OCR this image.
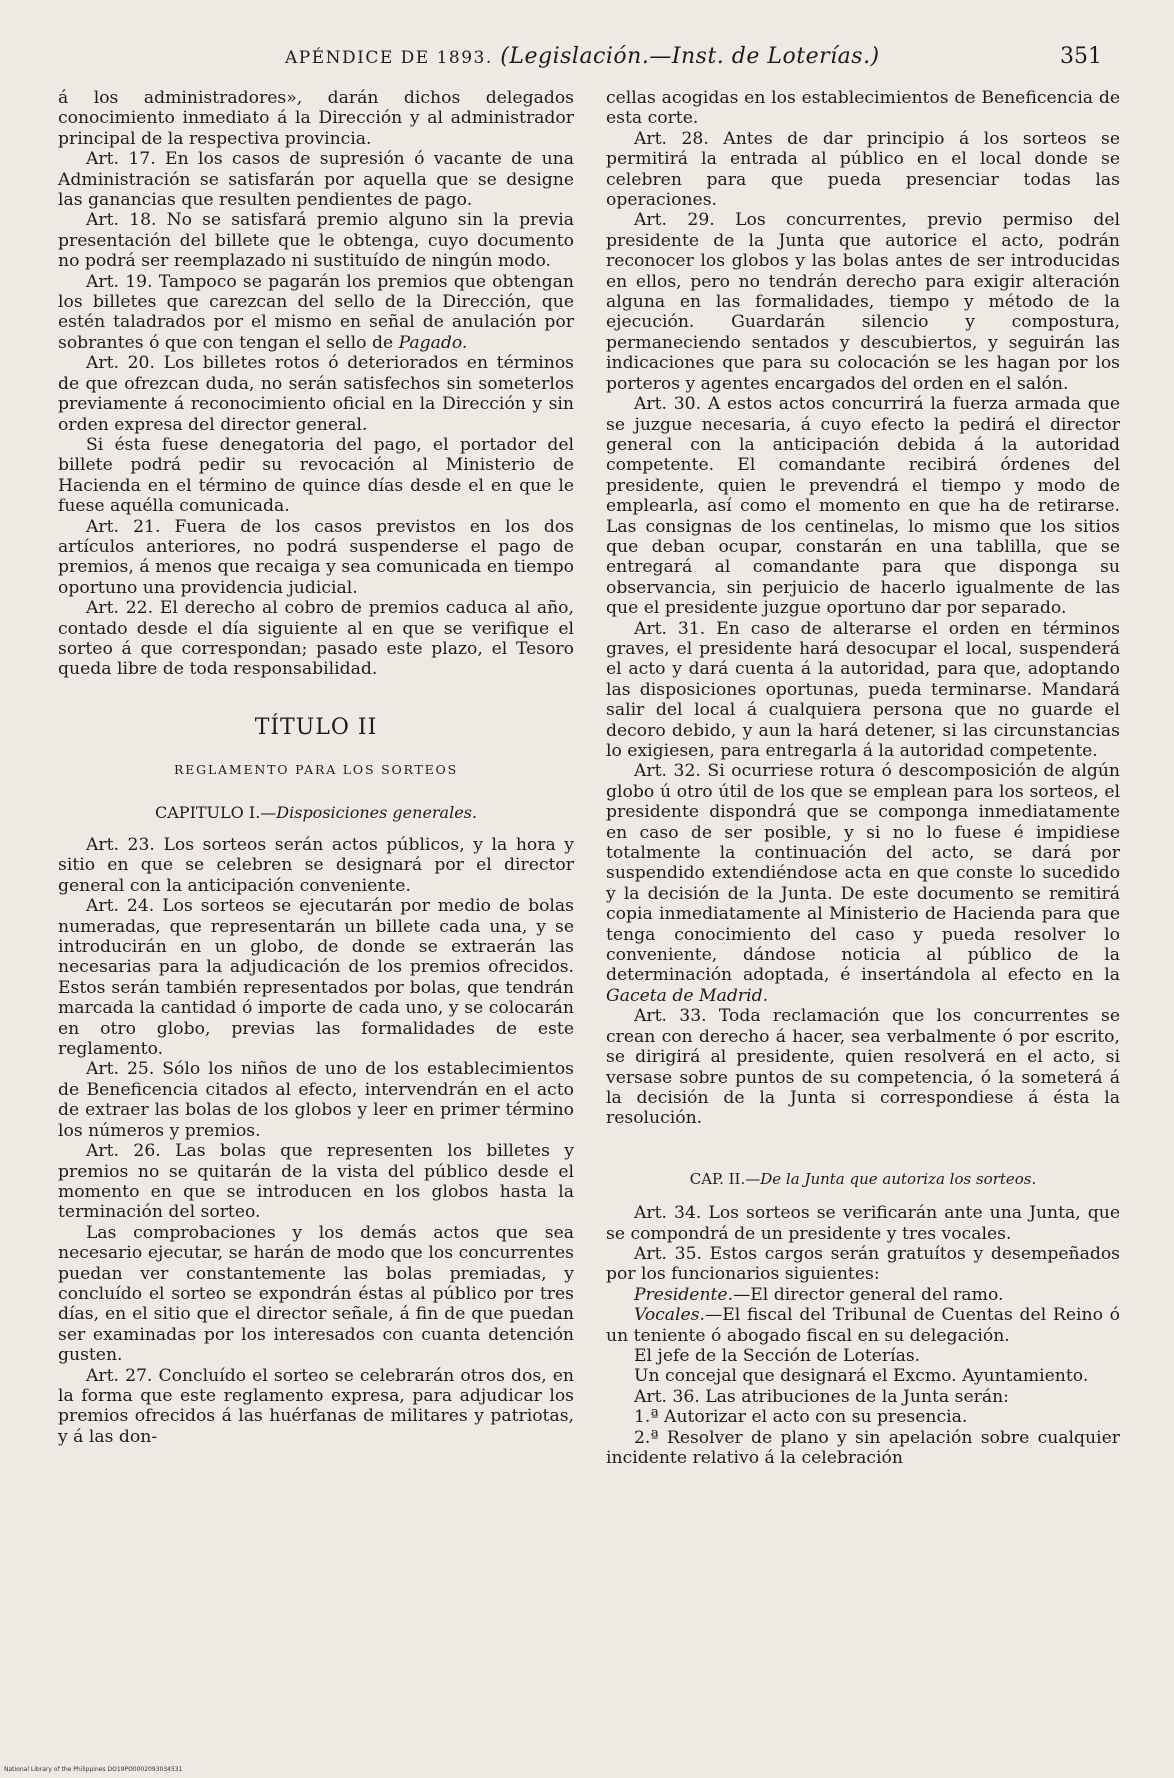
APÉNDICE DE 1893. (Legislación.—Inst. de Loterías.)	351

á los administradores», darán dichos delegados conocimiento inmediato á la Dirección y al administrador principal de la respectiva provincia.

Art. 17. En los casos de supresión ó vacante de una Administración se satisfarán por aquella que se designe las ganancias que resulten pendientes de pago.

Art. 18. No se satisfará premio alguno sin la previa presentación del billete que le obtenga, cuyo documento no podrá ser reemplazado ni sustituído de ningún modo.

Art. 19. Tampoco se pagarán los premios que obtengan los billetes que carezcan del sello de la Dirección, que estén taladrados por el mismo en señal de anulación por sobrantes ó que con tengan el sello de Pagado.

Art. 20. Los billetes rotos ó deteriorados en términos de que ofrezcan duda, no serán satisfechos sin someterlos previamente á reconocimiento oficial en la Dirección y sin orden expresa del director general.

Si ésta fuese denegatoria del pago, el portador del billete podrá pedir su revocación al Ministerio de Hacienda en el término de quince días desde el en que le fuese aquélla comunicada.

Art. 21. Fuera de los casos previstos en los dos artículos anteriores, no podrá suspenderse el pago de premios, á menos que recaiga y sea comunicada en tiempo oportuno una providencia judicial.

Art. 22. El derecho al cobro de premios caduca al año, contado desde el día siguiente al en que se verifique el sorteo á que correspondan; pasado este plazo, el Tesoro queda libre de toda responsabilidad.

TÍTULO II

REGLAMENTO PARA LOS SORTEOS

CAPITULO I.—Disposiciones generales.

Art. 23. Los sorteos serán actos públicos, y la hora y sitio en que se celebren se designará por el director general con la anticipación conveniente.

Art. 24. Los sorteos se ejecutarán por medio de bolas numeradas, que representarán un billete cada una, y se introducirán en un globo, de donde se extraerán las necesarias para la adjudicación de los premios ofrecidos. Estos serán también representados por bolas, que tendrán marcada la cantidad ó importe de cada uno, y se colocarán en otro globo, previas las formalidades de este reglamento.

Art. 25. Sólo los niños de uno de los establecimientos de Beneficencia citados al efecto, intervendrán en el acto de extraer las bolas de los globos y leer en primer término los números y premios.

Art. 26. Las bolas que representen los billetes y premios no se quitarán de la vista del público desde el momento en que se introducen en los globos hasta la terminación del sorteo.

Las comprobaciones y los demás actos que sea necesario ejecutar, se harán de modo que los concurrentes puedan ver constantemente las bolas premiadas, y concluído el sorteo se expondrán éstas al público por tres días, en el sitio que el director señale, á fin de que puedan ser examinadas por los interesados con cuanta detención gusten.

Art. 27. Concluído el sorteo se celebrarán otros dos, en la forma que este reglamento expresa, para adjudicar los premios ofrecidos á las huérfanas de militares y patriotas, y á las don-

cellas acogidas en los establecimientos de Beneficencia de esta corte.

Art. 28. Antes de dar principio á los sorteos se permitirá la entrada al público en el local donde se celebren para que pueda presenciar todas las operaciones.

Art. 29. Los concurrentes, previo permiso del presidente de la Junta que autorice el acto, podrán reconocer los globos y las bolas antes de ser introducidas en ellos, pero no tendrán derecho para exigir alteración alguna en las formalidades, tiempo y método de la ejecución. Guardarán silencio y compostura, permaneciendo sentados y descubiertos, y seguirán las indicaciones que para su colocación se les hagan por los porteros y agentes encargados del orden en el salón.

Art. 30. A estos actos concurrirá la fuerza armada que se juzgue necesaria, á cuyo efecto la pedirá el director general con la anticipación debida á la autoridad competente. El comandante recibirá órdenes del presidente, quien le prevendrá el tiempo y modo de emplearla, así como el momento en que ha de retirarse. Las consignas de los centinelas, lo mismo que los sitios que deban ocupar, constarán en una tablilla, que se entregará al comandante para que disponga su observancia, sin perjuicio de hacerlo igualmente de las que el presidente juzgue oportuno dar por separado.

Art. 31. En caso de alterarse el orden en términos graves, el presidente hará desocupar el local, suspenderá el acto y dará cuenta á la autoridad, para que, adoptando las disposiciones oportunas, pueda terminarse. Mandará salir del local á cualquiera persona que no guarde el decoro debido, y aun la hará detener, si las circunstancias lo exigiesen, para entregarla á la autoridad competente.

Art. 32. Si ocurriese rotura ó descomposición de algún globo ú otro útil de los que se emplean para los sorteos, el presidente dispondrá que se componga inmediatamente en caso de ser posible, y si no lo fuese é impidiese totalmente la continuación del acto, se dará por suspendido extendiéndose acta en que conste lo sucedido y la decisión de la Junta. De este documento se remitirá copia inmediatamente al Ministerio de Hacienda para que tenga conocimiento del caso y pueda resolver lo conveniente, dándose noticia al público de la determinación adoptada, é insertándola al efecto en la Gaceta de Madrid.

Art. 33. Toda reclamación que los concurrentes se crean con derecho á hacer, sea verbalmente ó por escrito, se dirigirá al presidente, quien resolverá en el acto, si versase sobre puntos de su competencia, ó la someterá á la decisión de la Junta si correspondiese á ésta la resolución.

CAP. II.—De la Junta que autoriza los sorteos.

Art. 34. Los sorteos se verificarán ante una Junta, que se compondrá de un presidente y tres vocales.

Art. 35. Estos cargos serán gratuítos y desempeñados por los funcionarios siguientes:

Presidente.—El director general del ramo.

Vocales.—El fiscal del Tribunal de Cuentas del Reino ó un teniente ó abogado fiscal en su delegación.

El jefe de la Sección de Loterías.

Un concejal que designará el Excmo. Ayuntamiento.

Art. 36. Las atribuciones de la Junta serán:

1.ª Autorizar el acto con su presencia.

2.ª Resolver de plano y sin apelación sobre cualquier incidente relativo á la celebración

National Library of the Philippines DO19PO0002093034531
